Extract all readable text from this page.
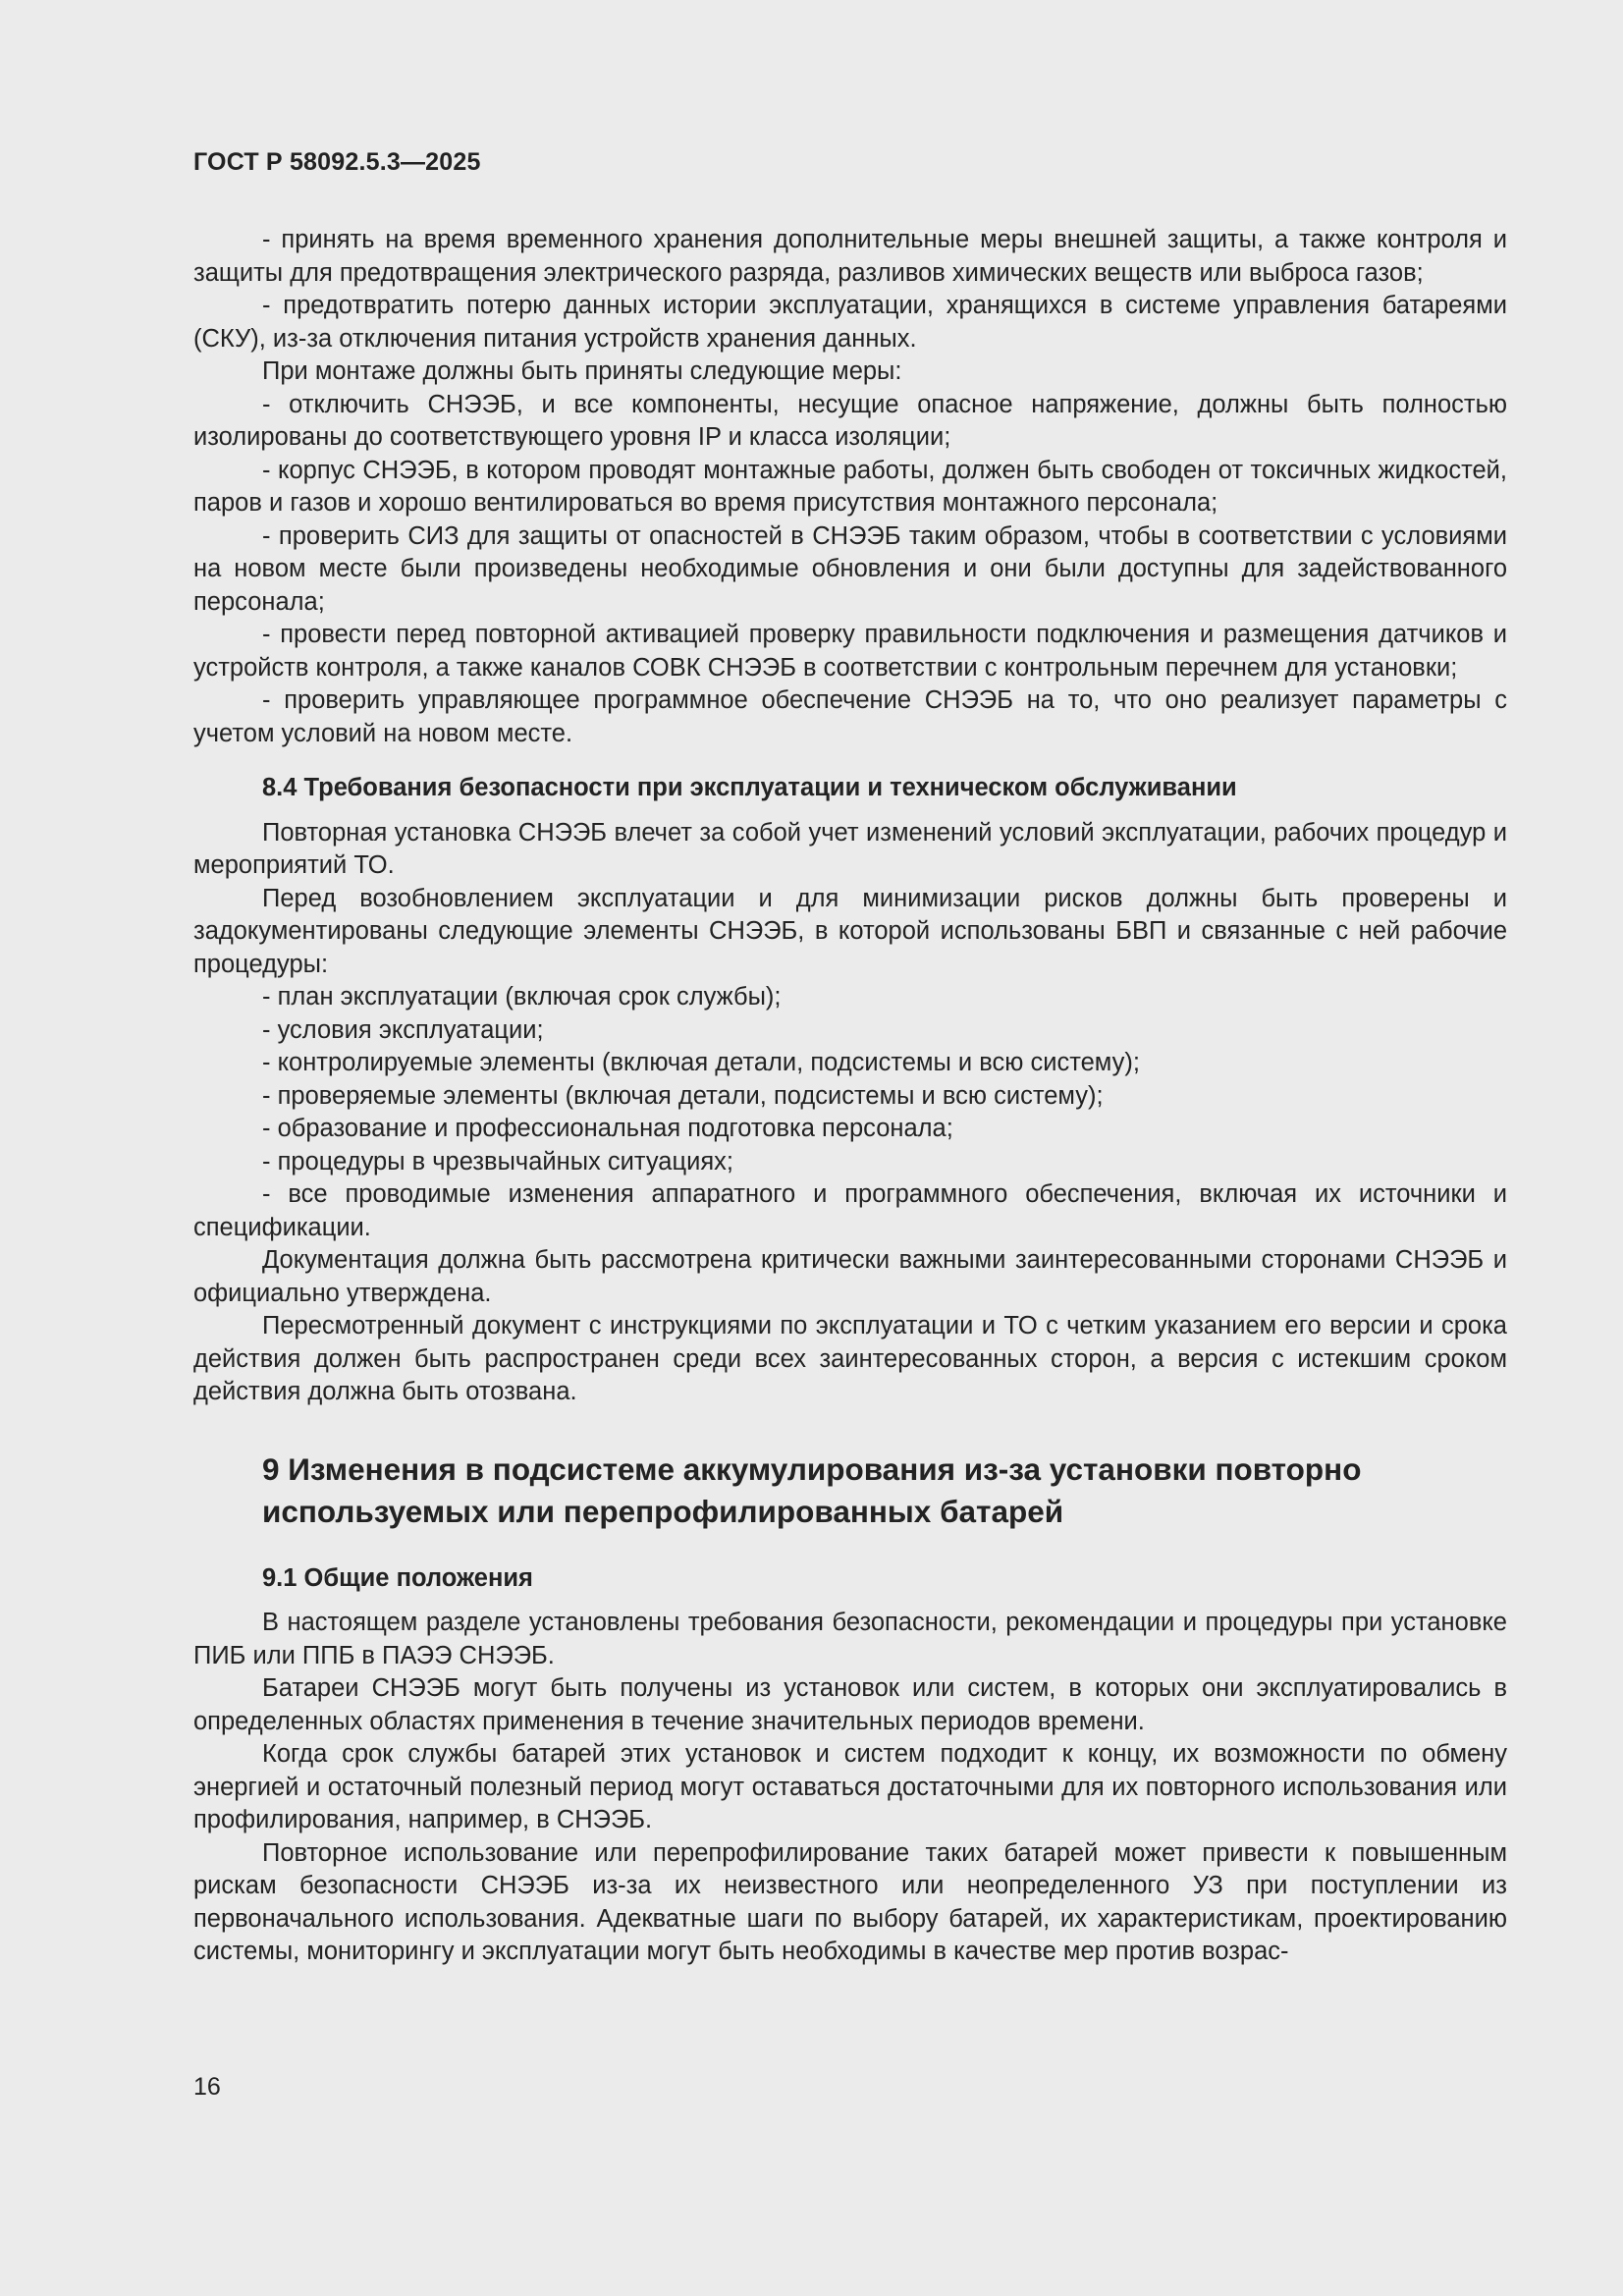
ГОСТ Р 58092.5.3—2025

- принять на время временного хранения дополнительные меры внешней защиты, а также контроля и защиты для предотвращения электрического разряда, разливов химических веществ или выброса газов;

- предотвратить потерю данных истории эксплуатации, хранящихся в системе управления батареями (СКУ), из-за отключения питания устройств хранения данных.

При монтаже должны быть приняты следующие меры:

- отключить СНЭЭБ, и все компоненты, несущие опасное напряжение, должны быть полностью изолированы до соответствующего уровня IP и класса изоляции;

- корпус СНЭЭБ, в котором проводят монтажные работы, должен быть свободен от токсичных жидкостей, паров и газов и хорошо вентилироваться во время присутствия монтажного персонала;

- проверить СИЗ для защиты от опасностей в СНЭЭБ таким образом, чтобы в соответствии с условиями на новом месте были произведены необходимые обновления и они были доступны для задействованного персонала;

- провести перед повторной активацией проверку правильности подключения и размещения датчиков и устройств контроля, а также каналов СОВК СНЭЭБ в соответствии с контрольным перечнем для установки;

- проверить управляющее программное обеспечение СНЭЭБ на то, что оно реализует параметры с учетом условий на новом месте.

8.4 Требования безопасности при эксплуатации и техническом обслуживании

Повторная установка СНЭЭБ влечет за собой учет изменений условий эксплуатации, рабочих процедур и мероприятий ТО.

Перед возобновлением эксплуатации и для минимизации рисков должны быть проверены и задокументированы следующие элементы СНЭЭБ, в которой использованы БВП и связанные с ней рабочие процедуры:

- план эксплуатации (включая срок службы);

- условия эксплуатации;

- контролируемые элементы (включая детали, подсистемы и всю систему);

- проверяемые элементы (включая детали, подсистемы и всю систему);

- образование и профессиональная подготовка персонала;

- процедуры в чрезвычайных ситуациях;

- все проводимые изменения аппаратного и программного обеспечения, включая их источники и спецификации.

Документация должна быть рассмотрена критически важными заинтересованными сторонами СНЭЭБ и официально утверждена.

Пересмотренный документ с инструкциями по эксплуатации и ТО с четким указанием его версии и срока действия должен быть распространен среди всех заинтересованных сторон, а версия с истекшим сроком действия должна быть отозвана.

9 Изменения в подсистеме аккумулирования из-за установки повторно используемых или перепрофилированных батарей
9.1 Общие положения

В настоящем разделе установлены требования безопасности, рекомендации и процедуры при установке ПИБ или ППБ в ПАЭЭ СНЭЭБ.

Батареи СНЭЭБ могут быть получены из установок или систем, в которых они эксплуатировались в определенных областях применения в течение значительных периодов времени.

Когда срок службы батарей этих установок и систем подходит к концу, их возможности по обмену энергией и остаточный полезный период могут оставаться достаточными для их повторного использования или профилирования, например, в СНЭЭБ.

Повторное использование или перепрофилирование таких батарей может привести к повышенным рискам безопасности СНЭЭБ из-за их неизвестного или неопределенного УЗ при поступлении из первоначального использования. Адекватные шаги по выбору батарей, их характеристикам, проектированию системы, мониторингу и эксплуатации могут быть необходимы в качестве мер против возрас-

16
